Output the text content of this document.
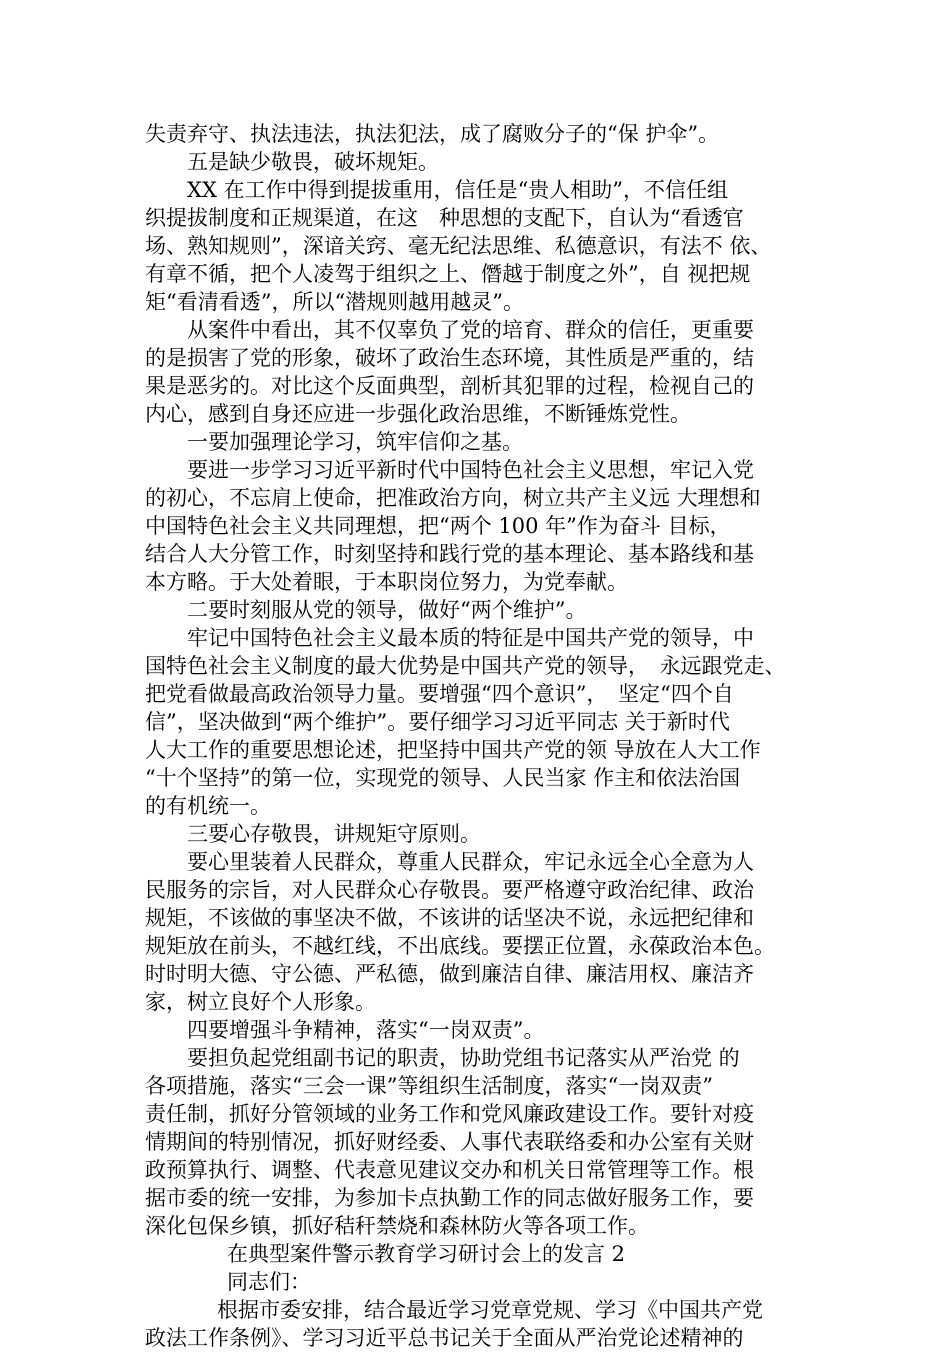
失责弃守、执法违法，执法犯法，成了腐败分子的“保 护伞”。
五是缺少敬畏，破坏规矩。
XX 在工作中得到提拔重用，信任是“贵人相助”，不信任组
织提拔制度和正规渠道，在这　种思想的支配下，自认为“看透官
场、熟知规则”，深谙关窍、毫无纪法思维、私德意识，有法不 依、
有章不循，把个人凌驾于组织之上、僭越于制度之外”，自 视把规
矩“看清看透”，所以“潜规则越用越灵”。
从案件中看出，其不仅辜负了党的培育、群众的信任，更重要
的是损害了党的形象，破坏了政治生态环境，其性质是严重的，结
果是恶劣的。对比这个反面典型，剖析其犯罪的过程，检视自己的
内心，感到自身还应进一步强化政治思维，不断锤炼党性。
一要加强理论学习，筑牢信仰之基。
要进一步学习习近平新时代中国特色社会主义思想，牢记入党
的初心，不忘肩上使命，把准政治方向，树立共产主义远 大理想和
中国特色社会主义共同理想，把“两个 100 年”作为奋斗 目标，
结合人大分管工作，时刻坚持和践行党的基本理论、基本路线和基
本方略。于大处着眼，于本职岗位努力，为党奉献。
二要时刻服从党的领导，做好“两个维护”。
牢记中国特色社会主义最本质的特征是中国共产党的领导，中
国特色社会主义制度的最大优势是中国共产党的领导，　永远跟党走、
把党看做最高政治领导力量。要增强“四个意识”，　坚定“四个自
信”，坚决做到“两个维护”。要仔细学习习近平同志 关于新时代
人大工作的重要思想论述，把坚持中国共产党的领 导放在人大工作
“十个坚持”的第一位，实现党的领导、人民当家 作主和依法治国
的有机统一。
三要心存敬畏，讲规矩守原则。
要心里装着人民群众，尊重人民群众，牢记永远全心全意为人
民服务的宗旨，对人民群众心存敬畏。要严格遵守政治纪律、政治
规矩，不该做的事坚决不做，不该讲的话坚决不说，永远把纪律和
规矩放在前头，不越红线，不出底线。要摆正位置，永葆政治本色。
时时明大德、守公德、严私德，做到廉洁自律、廉洁用权、廉洁齐
家，树立良好个人形象。
四要增强斗争精神，落实“一岗双责”。
要担负起党组副书记的职责，协助党组书记落实从严治党 的
各项措施，落实“三会一课”等组织生活制度，落实“一岗双责”
责任制，抓好分管领域的业务工作和党风廉政建设工作。要针对疫
情期间的特别情况，抓好财经委、人事代表联络委和办公室有关财
政预算执行、调整、代表意见建议交办和机关日常管理等工作。根
据市委的统一安排，为参加卡点执勤工作的同志做好服务工作，要
深化包保乡镇，抓好秸秆禁烧和森林防火等各项工作。
在典型案件警示教育学习研讨会上的发言 2
同志们：
根据市委安排，结合最近学习党章党规、学习《中国共产党
政法工作条例》、学习习近平总书记关于全面从严治党论述精神的
